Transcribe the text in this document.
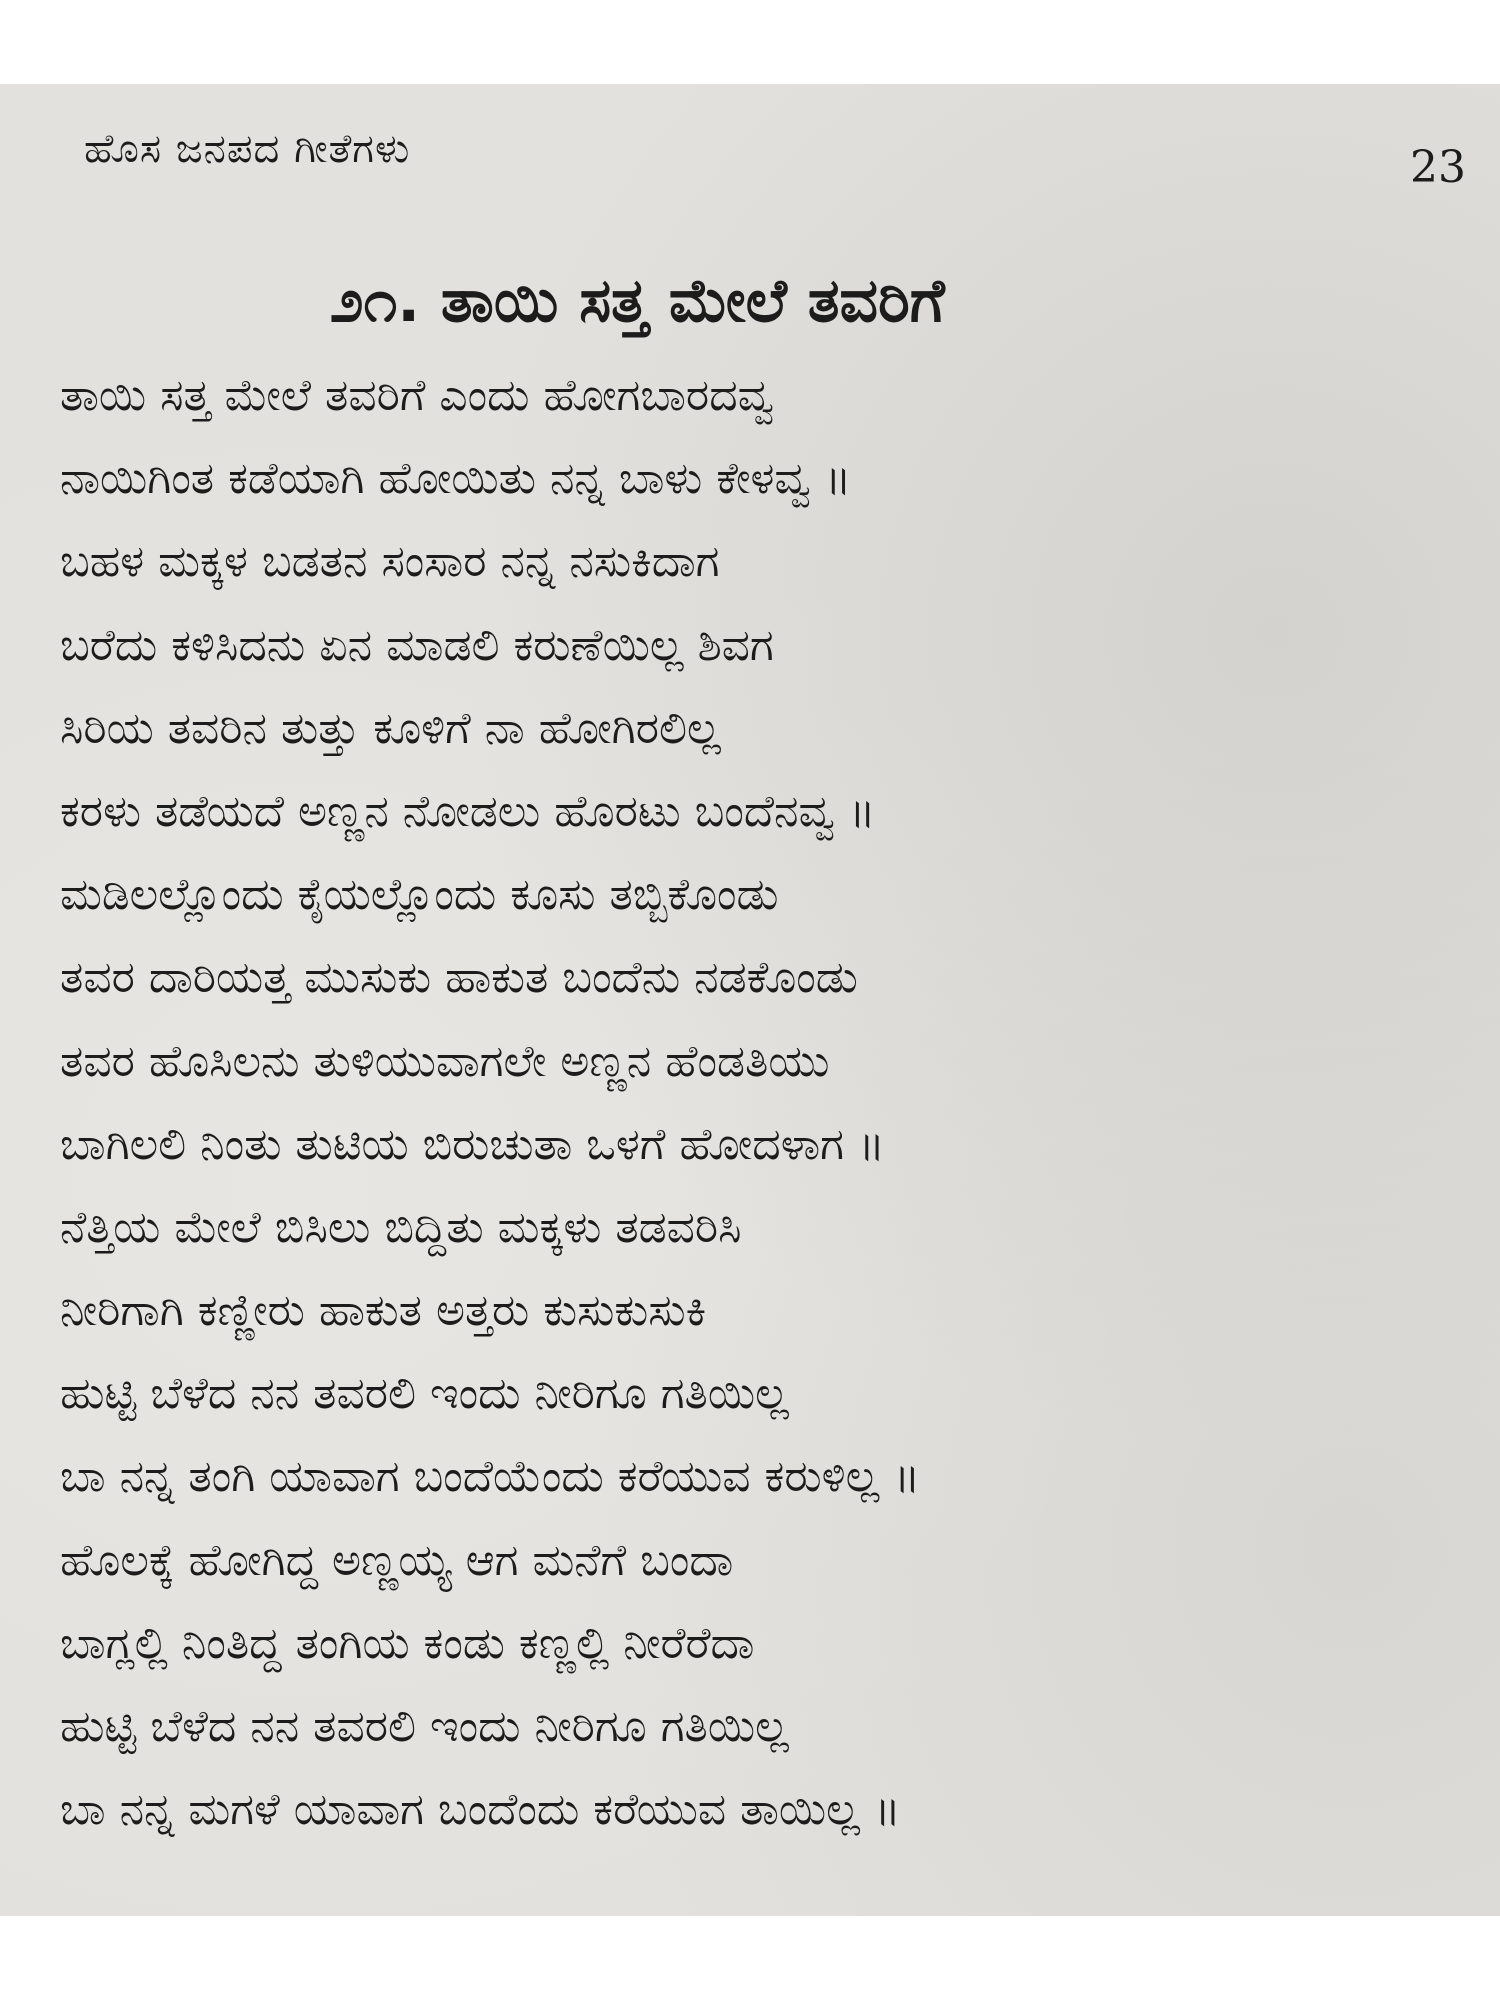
ಹೊಸ ಜನಪದ ಗೀತೆಗಳು	23
೨೧. ತಾಯಿ ಸತ್ತ ಮೇಲೆ ತವರಿಗೆ
ತಾಯಿ ಸತ್ತ ಮೇಲೆ ತವರಿಗೆ ಎಂದು ಹೋಗಬಾರದವ್ವ
ನಾಯಿಗಿಂತ ಕಡೆಯಾಗಿ ಹೋಯಿತು ನನ್ನ ಬಾಳು ಕೇಳವ್ವ ॥
ಬಹಳ ಮಕ್ಕಳ ಬಡತನ ಸಂಸಾರ ನನ್ನ ನಸುಕಿದಾಗ
ಬರೆದು ಕಳಿಸಿದನು ಏನ ಮಾಡಲಿ ಕರುಣೆಯಿಲ್ಲ ಶಿವಗ
ಸಿರಿಯ ತವರಿನ ತುತ್ತು ಕೂಳಿಗೆ ನಾ ಹೋಗಿರಲಿಲ್ಲ
ಕರಳು ತಡೆಯದೆ ಅಣ್ಣನ ನೋಡಲು ಹೊರಟು ಬಂದೆನವ್ವ ॥
ಮಡಿಲಲ್ಲೊಂದು ಕೈಯಲ್ಲೊಂದು ಕೂಸು ತಬ್ಬಿಕೊಂಡು
ತವರ ದಾರಿಯತ್ತ ಮುಸುಕು ಹಾಕುತ ಬಂದೆನು ನಡಕೊಂಡು
ತವರ ಹೊಸಿಲನು ತುಳಿಯುವಾಗಲೇ ಅಣ್ಣನ ಹೆಂಡತಿಯು
ಬಾಗಿಲಲಿ ನಿಂತು ತುಟಿಯ ಬಿರುಚುತಾ ಒಳಗೆ ಹೋದಳಾಗ ॥
ನೆತ್ತಿಯ ಮೇಲೆ ಬಿಸಿಲು ಬಿದ್ದಿತು ಮಕ್ಕಳು ತಡವರಿಸಿ
ನೀರಿಗಾಗಿ ಕಣ್ಣೀರು ಹಾಕುತ ಅತ್ತರು ಕುಸುಕುಸುಕಿ
ಹುಟ್ಟಿ ಬೆಳೆದ ನನ ತವರಲಿ ಇಂದು ನೀರಿಗೂ ಗತಿಯಿಲ್ಲ
ಬಾ ನನ್ನ ತಂಗಿ ಯಾವಾಗ ಬಂದೆಯೆಂದು ಕರೆಯುವ ಕರುಳಿಲ್ಲ ॥
ಹೊಲಕ್ಕೆ ಹೋಗಿದ್ದ ಅಣ್ಣಯ್ಯ ಆಗ ಮನೆಗೆ ಬಂದಾ
ಬಾಗ್ಲಲ್ಲಿ ನಿಂತಿದ್ದ ತಂಗಿಯ ಕಂಡು ಕಣ್ಣಲ್ಲಿ ನೀರೆರೆದಾ
ಹುಟ್ಟಿ ಬೆಳೆದ ನನ ತವರಲಿ ಇಂದು ನೀರಿಗೂ ಗತಿಯಿಲ್ಲ
ಬಾ ನನ್ನ ಮಗಳೆ ಯಾವಾಗ ಬಂದೆಂದು ಕರೆಯುವ ತಾಯಿಲ್ಲ ॥
